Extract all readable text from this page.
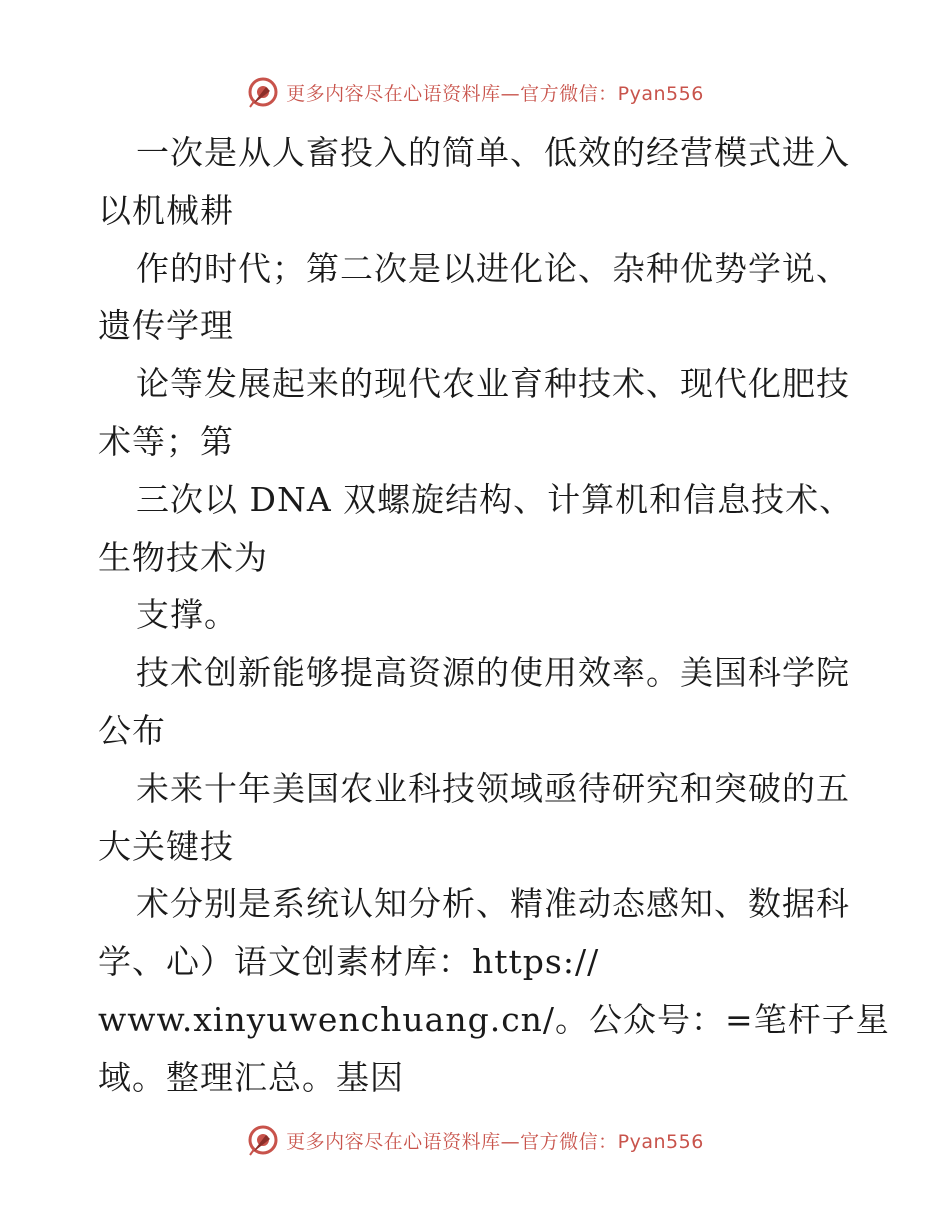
更多内容尽在心语资料库—官方微信：Pyan556
一次是从人畜投入的简单、低效的经营模式进入
以机械耕
作的时代；第二次是以进化论、杂种优势学说、
遗传学理
论等发展起来的现代农业育种技术、现代化肥技
术等；第
三次以 DNA 双螺旋结构、计算机和信息技术、
生物技术为
支撑。
技术创新能够提高资源的使用效率。美国科学院
公布
未来十年美国农业科技领域亟待研究和突破的五
大关键技
术分别是系统认知分析、精准动态感知、数据科
学、心）语文创素材库：https://
www.xinyuwenchuang.cn/。公众号：=笔杆子星
域。整理汇总。基因
更多内容尽在心语资料库—官方微信：Pyan556
